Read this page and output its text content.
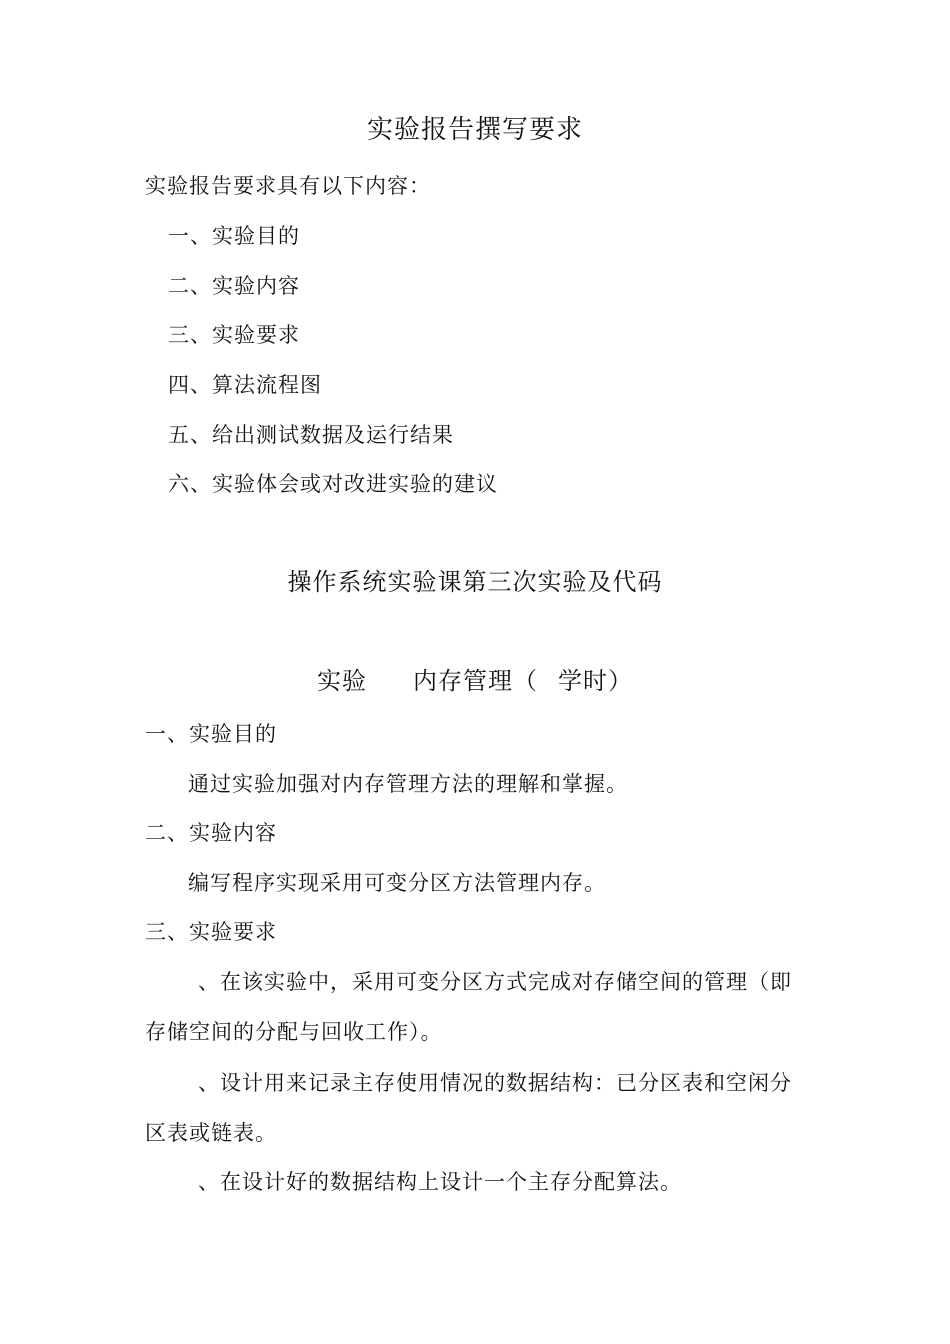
实验报告撰写要求
实验报告要求具有以下内容：
一、实验目的
二、实验内容
三、实验要求
四、算法流程图
五、给出测试数据及运行结果
六、实验体会或对改进实验的建议
操作系统实验课第三次实验及代码
实验 内存管理（ 学时）
一、实验目的
通过实验加强对内存管理方法的理解和掌握。
二、实验内容
编写程序实现采用可变分区方法管理内存。
三、实验要求
、在该实验中，采用可变分区方式完成对存储空间的管理（即
存储空间的分配与回收工作）。
、设计用来记录主存使用情况的数据结构：已分区表和空闲分
区表或链表。
、在设计好的数据结构上设计一个主存分配算法。
